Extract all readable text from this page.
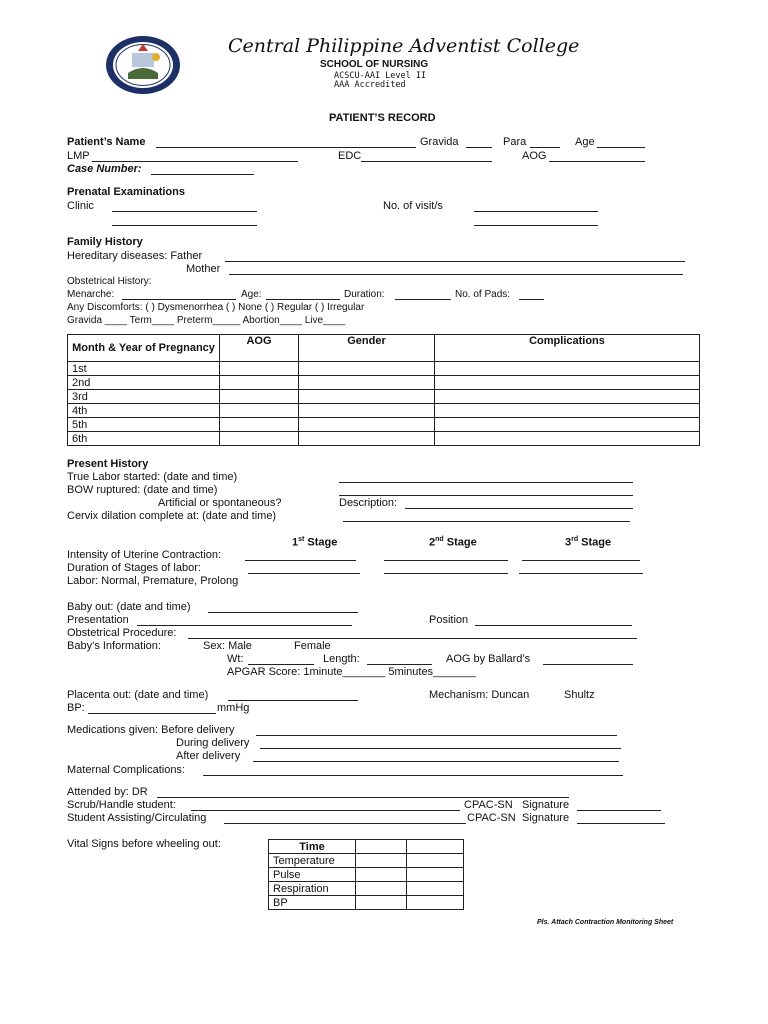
Central Philippine Adventist College
SCHOOL OF NURSING
ACSCU-AAI Level II
AAA Accredited
PATIENT’S RECORD
Patient’s Name	Gravida	Para	Age
LMP	EDC	AOG
Case Number:
Prenatal Examinations
Clinic	No. of visit/s
Family History
Hereditary diseases: Father
Mother
Obstetrical History:
Menarche:	Age:	Duration:	No. of Pads:
Any Discomforts: ( ) Dysmenorrhea ( ) None ( ) Regular ( ) Irregular
Gravida ____ Term____ Preterm_____ Abortion____ Live____
Month & Year of Pregnancy	AOG	Gender	Complications
1st			
2nd			
3rd			
4th			
5th			
6th			
Present History
True Labor started: (date and time)
BOW ruptured: (date and time)
Artificial or spontaneous?	Description:
Cervix dilation complete at: (date and time)
1st Stage	2nd Stage	3rd Stage
Intensity of Uterine Contraction:
Duration of Stages of labor:
Labor: Normal, Premature, Prolong
Baby out: (date and time)
Presentation	Position
Obstetrical Procedure:
Baby’s Information:	Sex: Male	Female
Wt:	Length:	AOG by Ballard’s
APGAR Score: 1minute_______ 5minutes_______
Placenta out: (date and time)	Mechanism: Duncan	Shultz
BP:	mmHg
Medications given: Before delivery
During delivery
After delivery
Maternal Complications:
Attended by: DR
Scrub/Handle student:	CPAC-SN Signature
Student Assisting/Circulating	CPAC-SN Signature
Vital Signs before wheeling out:	Time		
Temperature		
Pulse		
Respiration		
BP		
Pls. Attach Contraction Monitoring Sheet
